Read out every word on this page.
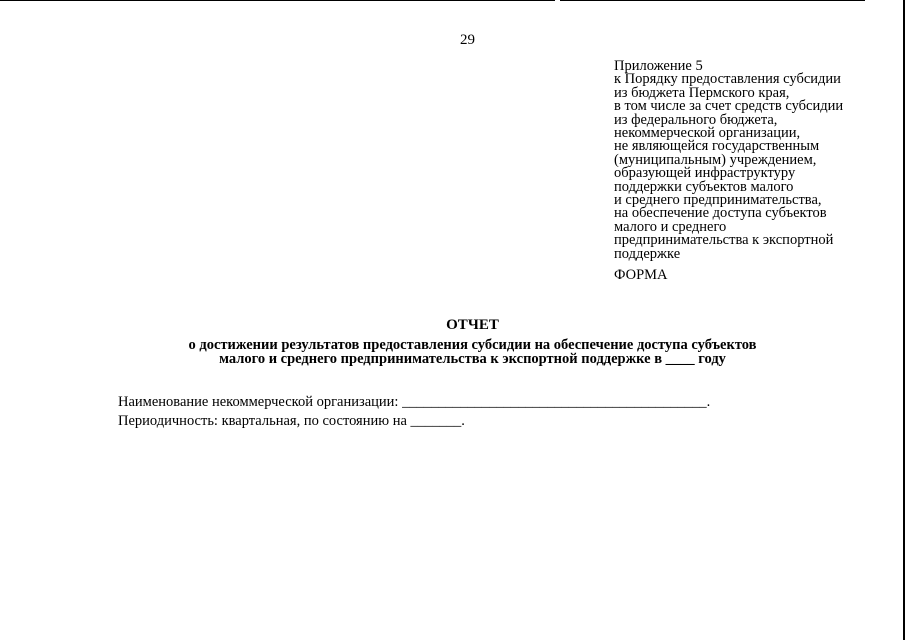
29
Приложение 5
к Порядку предоставления субсидии
из бюджета Пермского края,
в том числе за счет средств субсидии
из федерального бюджета,
некоммерческой организации,
не являющейся государственным
(муниципальным) учреждением,
образующей инфраструктуру
поддержки субъектов малого
и среднего предпринимательства,
на обеспечение доступа субъектов
малого и среднего
предпринимательства к экспортной
поддержке
ФОРМА
ОТЧЕТ
о достижении результатов предоставления субсидии на обеспечение доступа субъектов
малого и среднего предпринимательства к экспортной поддержке в ____ году
Наименование некоммерческой организации: __________________________________________.
Периодичность: квартальная, по состоянию на _______.
